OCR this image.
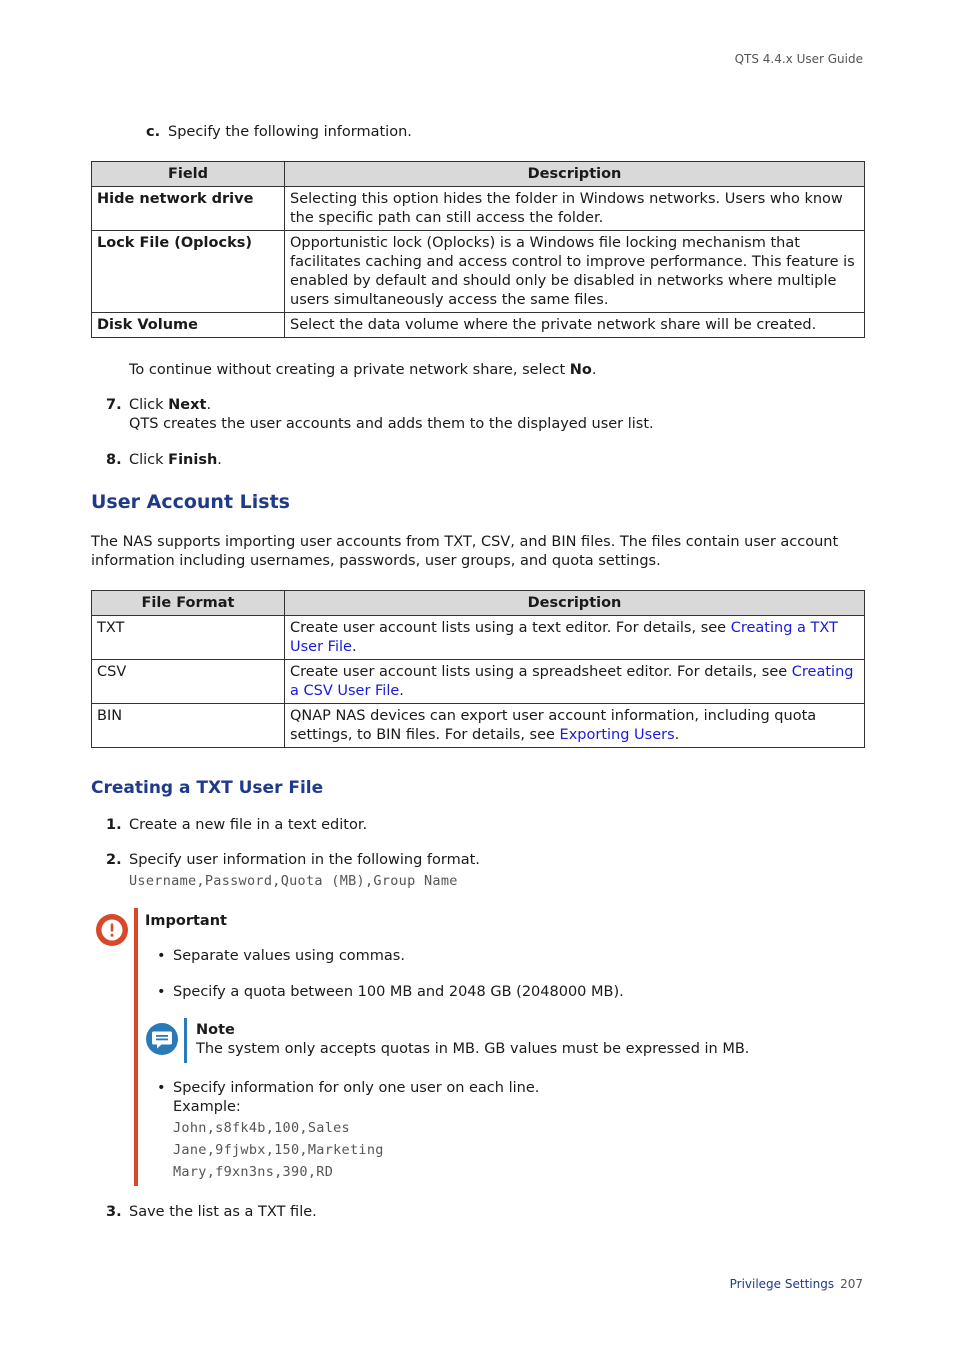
QTS 4.4.x User Guide
c. Specify the following information.
Field	Description
Hide network drive	Selecting this option hides the folder in Windows networks. Users who know the specific path can still access the folder.
Lock File (Oplocks)	Opportunistic lock (Oplocks) is a Windows file locking mechanism that facilitates caching and access control to improve performance. This feature is enabled by default and should only be disabled in networks where multiple users simultaneously access the same files.
Disk Volume	Select the data volume where the private network share will be created.
To continue without creating a private network share, select No.
7. Click Next.
QTS creates the user accounts and adds them to the displayed user list.
8. Click Finish.
User Account Lists
The NAS supports importing user accounts from TXT, CSV, and BIN files. The files contain user account information including usernames, passwords, user groups, and quota settings.
File Format	Description
TXT	Create user account lists using a text editor. For details, see Creating a TXT User File.
CSV	Create user account lists using a spreadsheet editor. For details, see Creating a CSV User File.
BIN	QNAP NAS devices can export user account information, including quota settings, to BIN files. For details, see Exporting Users.
Creating a TXT User File
1. Create a new file in a text editor.
2. Specify user information in the following format.
Username,Password,Quota (MB),Group Name
Important
• Separate values using commas.
• Specify a quota between 100 MB and 2048 GB (2048000 MB).
Note
The system only accepts quotas in MB. GB values must be expressed in MB.
• Specify information for only one user on each line.
Example:
John,s8fk4b,100,Sales
Jane,9fjwbx,150,Marketing
Mary,f9xn3ns,390,RD
3. Save the list as a TXT file.
Privilege Settings 207
